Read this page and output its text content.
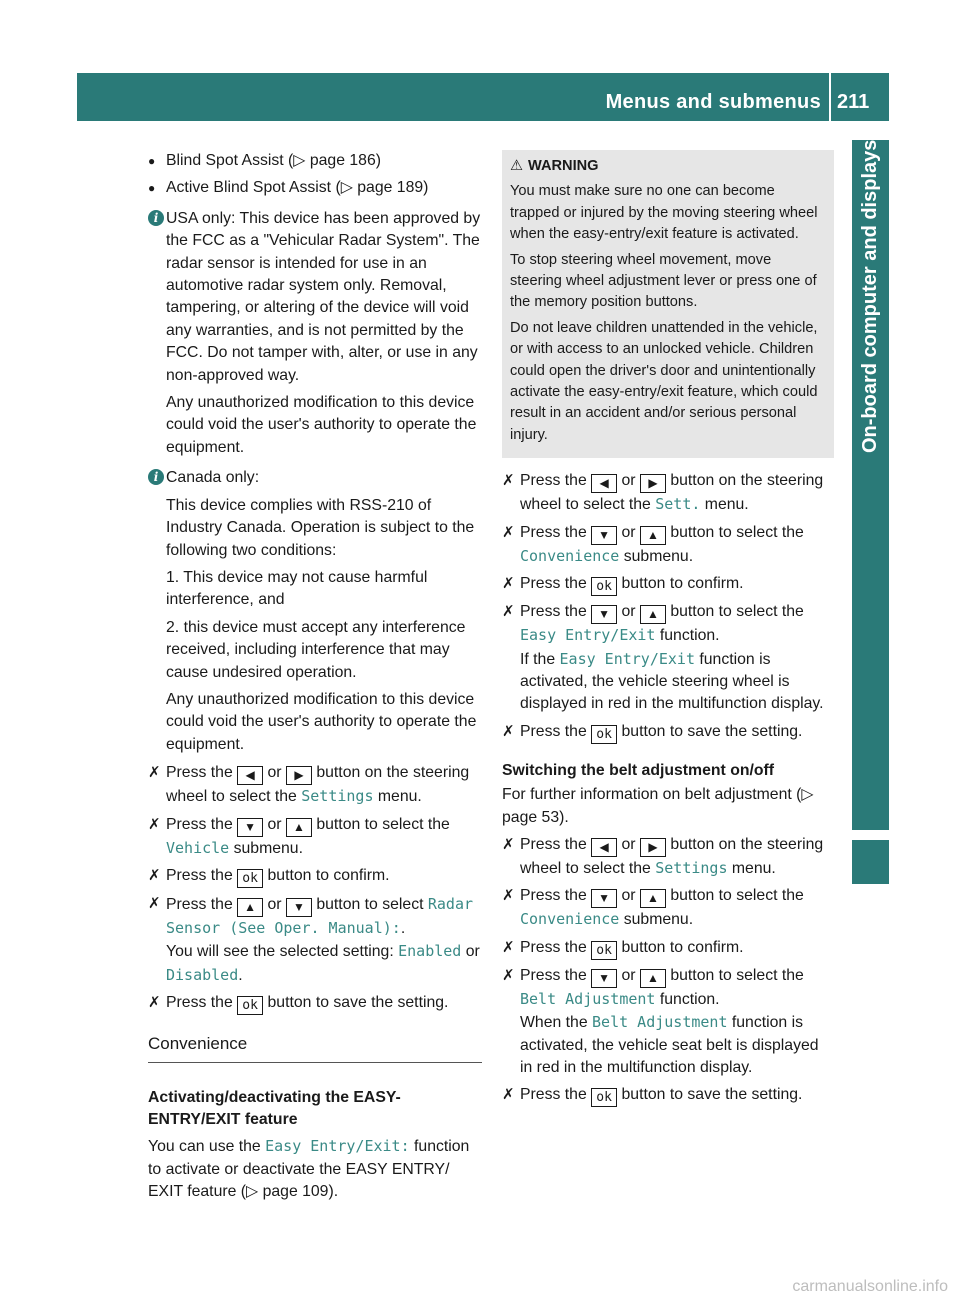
Menus and submenus 211
On-board computer and displays
● Blind Spot Assist (▷ page 186)
● Active Blind Spot Assist (▷ page 189)
i USA only: This device has been approved by the FCC as a "Vehicular Radar System". The radar sensor is intended for use in an automotive radar system only. Removal, tampering, or altering of the device will void any warranties, and is not permitted by the FCC. Do not tamper with, alter, or use in any non-approved way.

Any unauthorized modification to this device could void the user's authority to operate the equipment.

i Canada only:

This device complies with RSS-210 of Industry Canada. Operation is subject to the following two conditions:

1. This device may not cause harmful interference, and

2. this device must accept any interference received, including interference that may cause undesired operation.

Any unauthorized modification to this device could void the user's authority to operate the equipment.

✗ Press the ◀ or ▶ button on the steering wheel to select the Settings menu.
✗ Press the ▼ or ▲ button to select the Vehicle submenu.
✗ Press the ok button to confirm.
✗ Press the ▲ or ▼ button to select Radar Sensor (See Oper. Manual):.
You will see the selected setting: Enabled or Disabled.
✗ Press the ok button to save the setting.
Convenience
Activating/deactivating the EASY-ENTRY/EXIT feature

You can use the Easy Entry/Exit: function to activate or deactivate the EASY ENTRY/ EXIT feature (▷ page 109).

⚠ WARNING

You must make sure no one can become trapped or injured by the moving steering wheel when the easy-entry/exit feature is activated.

To stop steering wheel movement, move steering wheel adjustment lever or press one of the memory position buttons.

Do not leave children unattended in the vehicle, or with access to an unlocked vehicle. Children could open the driver's door and unintentionally activate the easy-entry/exit feature, which could result in an accident and/or serious personal injury.

✗ Press the ◀ or ▶ button on the steering wheel to select the Sett. menu.
✗ Press the ▼ or ▲ button to select the Convenience submenu.
✗ Press the ok button to confirm.
✗ Press the ▼ or ▲ button to select the Easy Entry/Exit function.
If the Easy Entry/Exit function is activated, the vehicle steering wheel is displayed in red in the multifunction display.
✗ Press the ok button to save the setting.
Switching the belt adjustment on/off

For further information on belt adjustment (▷ page 53).

✗ Press the ◀ or ▶ button on the steering wheel to select the Settings menu.
✗ Press the ▼ or ▲ button to select the Convenience submenu.
✗ Press the ok button to confirm.
✗ Press the ▼ or ▲ button to select the Belt Adjustment function.
When the Belt Adjustment function is activated, the vehicle seat belt is displayed in red in the multifunction display.
✗ Press the ok button to save the setting.
carmanualsonline.info
